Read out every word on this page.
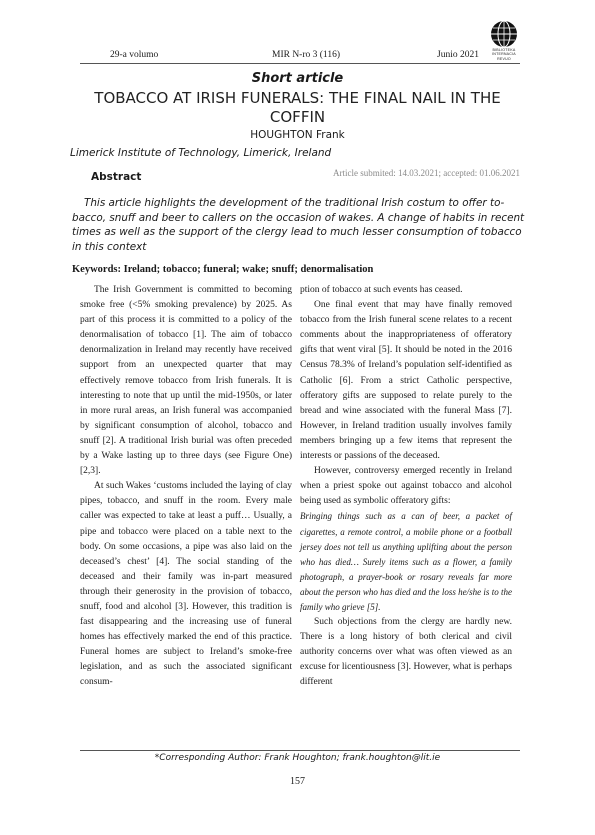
29-a volumo	MIR N-ro 3 (116)	Junio 2021	BIBLIOTEKA
INTERNACIA
REVUO
Short article
TOBACCO AT IRISH FUNERALS: THE FINAL NAIL IN THE
COFFIN
HOUGHTON Frank
Limerick Institute of Technology, Limerick, Ireland
Abstract	Article submited: 14.03.2021; accepted: 01.06.2021
This article highlights the development of the traditional Irish costum to offer to-
bacco, snuff and beer to callers on the occasion of wakes. A change of habits in recent
times as well as the support of the clergy lead to much lesser consumption of tobacco
in this context
Keywords: Ireland; tobacco; funeral; wake; snuff; denormalisation

The Irish Government is committed to becoming smoke free (<5% smoking prevalence) by 2025. As part of this process it is committed to a policy of the denormalisation of tobacco [1]. The aim of tobacco denormalization in Ireland may recently have received support from an unexpected quarter that may effectively remove tobacco from Irish funerals. It is interesting to note that up until the mid-1950s, or later in more rural areas, an Irish funeral was accompanied by significant consumption of alcohol, tobacco and snuff [2]. A traditional Irish burial was often preceded by a Wake lasting up to three days (see Figure One) [2,3].

At such Wakes ‘customs included the laying of clay pipes, tobacco, and snuff in the room. Every male caller was expected to take at least a puff… Usually, a pipe and tobacco were placed on a table next to the body. On some occasions, a pipe was also laid on the deceased’s chest’ [4]. The social standing of the deceased and their family was in-part measured through their generosity in the provision of tobacco, snuff, food and alcohol [3]. However, this tradition is fast disappearing and the increasing use of funeral homes has effectively marked the end of this practice. Funeral homes are subject to Ireland’s smoke-free legislation, and as such the associated significant consum-

ption of tobacco at such events has ceased.

One final event that may have finally removed tobacco from the Irish funeral scene relates to a recent comments about the inappropriateness of offeratory gifts that went viral [5]. It should be noted in the 2016 Census 78.3% of Ireland’s population self-identified as Catholic [6]. From a strict Catholic perspective, offeratory gifts are supposed to relate purely to the bread and wine associated with the funeral Mass [7]. However, in Ireland tradition usually involves family members bringing up a few items that represent the interests or passions of the deceased.

However, controversy emerged recently in Ireland when a priest spoke out against tobacco and alcohol being used as symbolic offeratory gifts:

Bringing things such as a can of beer, a packet of cigarettes, a remote control, a mobile phone or a football jersey does not tell us anything uplifting about the person who has died… Surely items such as a flower, a family photograph, a prayer-book or rosary reveals far more about the person who has died and the loss he/she is to the family who grieve [5].

Such objections from the clergy are hardly new. There is a long history of both clerical and civil authority concerns over what was often viewed as an excuse for licentiousness [3]. However, what is perhaps different

*Corresponding Author: Frank Houghton; frank.houghton@lit.ie
157
